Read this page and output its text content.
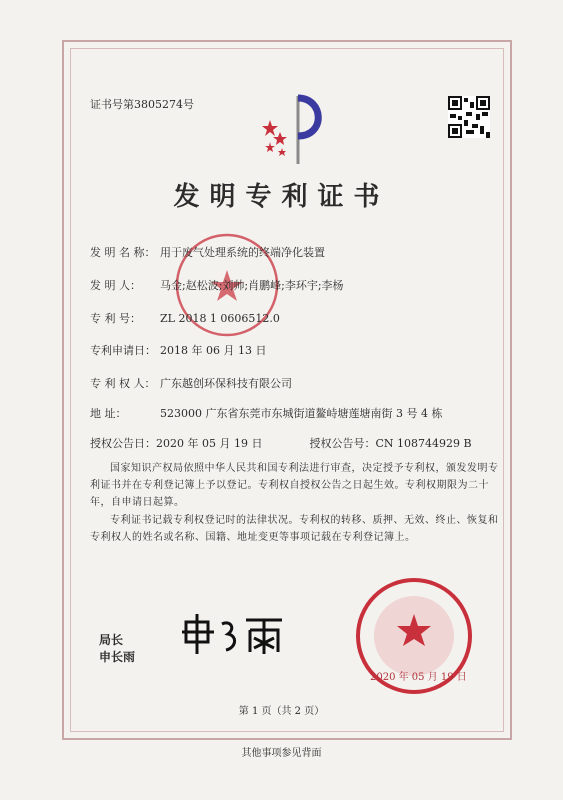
证书号第3805274号
发明专利证书
发 明 名 称： 用于废气处理系统的终端净化装置
发 明 人： 马金;赵松波;刘帅;肖鹏峰;李环宇;李杨
专 利 号： ZL 2018 1 0606512.0
专利申请日： 2018 年 06 月 13 日
专 利 权 人： 广东越创环保科技有限公司
地 址：	523000 广东省东莞市东城街道鳌峙塘莲塘南街 3 号 4 栋
授权公告日：2020 年 05 月 19 日	授权公告号：CN 108744929 B
国家知识产权局依照中华人民共和国专利法进行审查，决定授予专利权，颁发发明专利证书并在专利登记簿上予以登记。专利权自授权公告之日起生效。专利权期限为二十年，自申请日起算。
专利证书记载专利权登记时的法律状况。专利权的转移、质押、无效、终止、恢复和专利权人的姓名或名称、国籍、地址变更等事项记载在专利登记簿上。
局长
申长雨
2020 年 05 月 19 日
第 1 页（共 2 页）
其他事项参见背面
